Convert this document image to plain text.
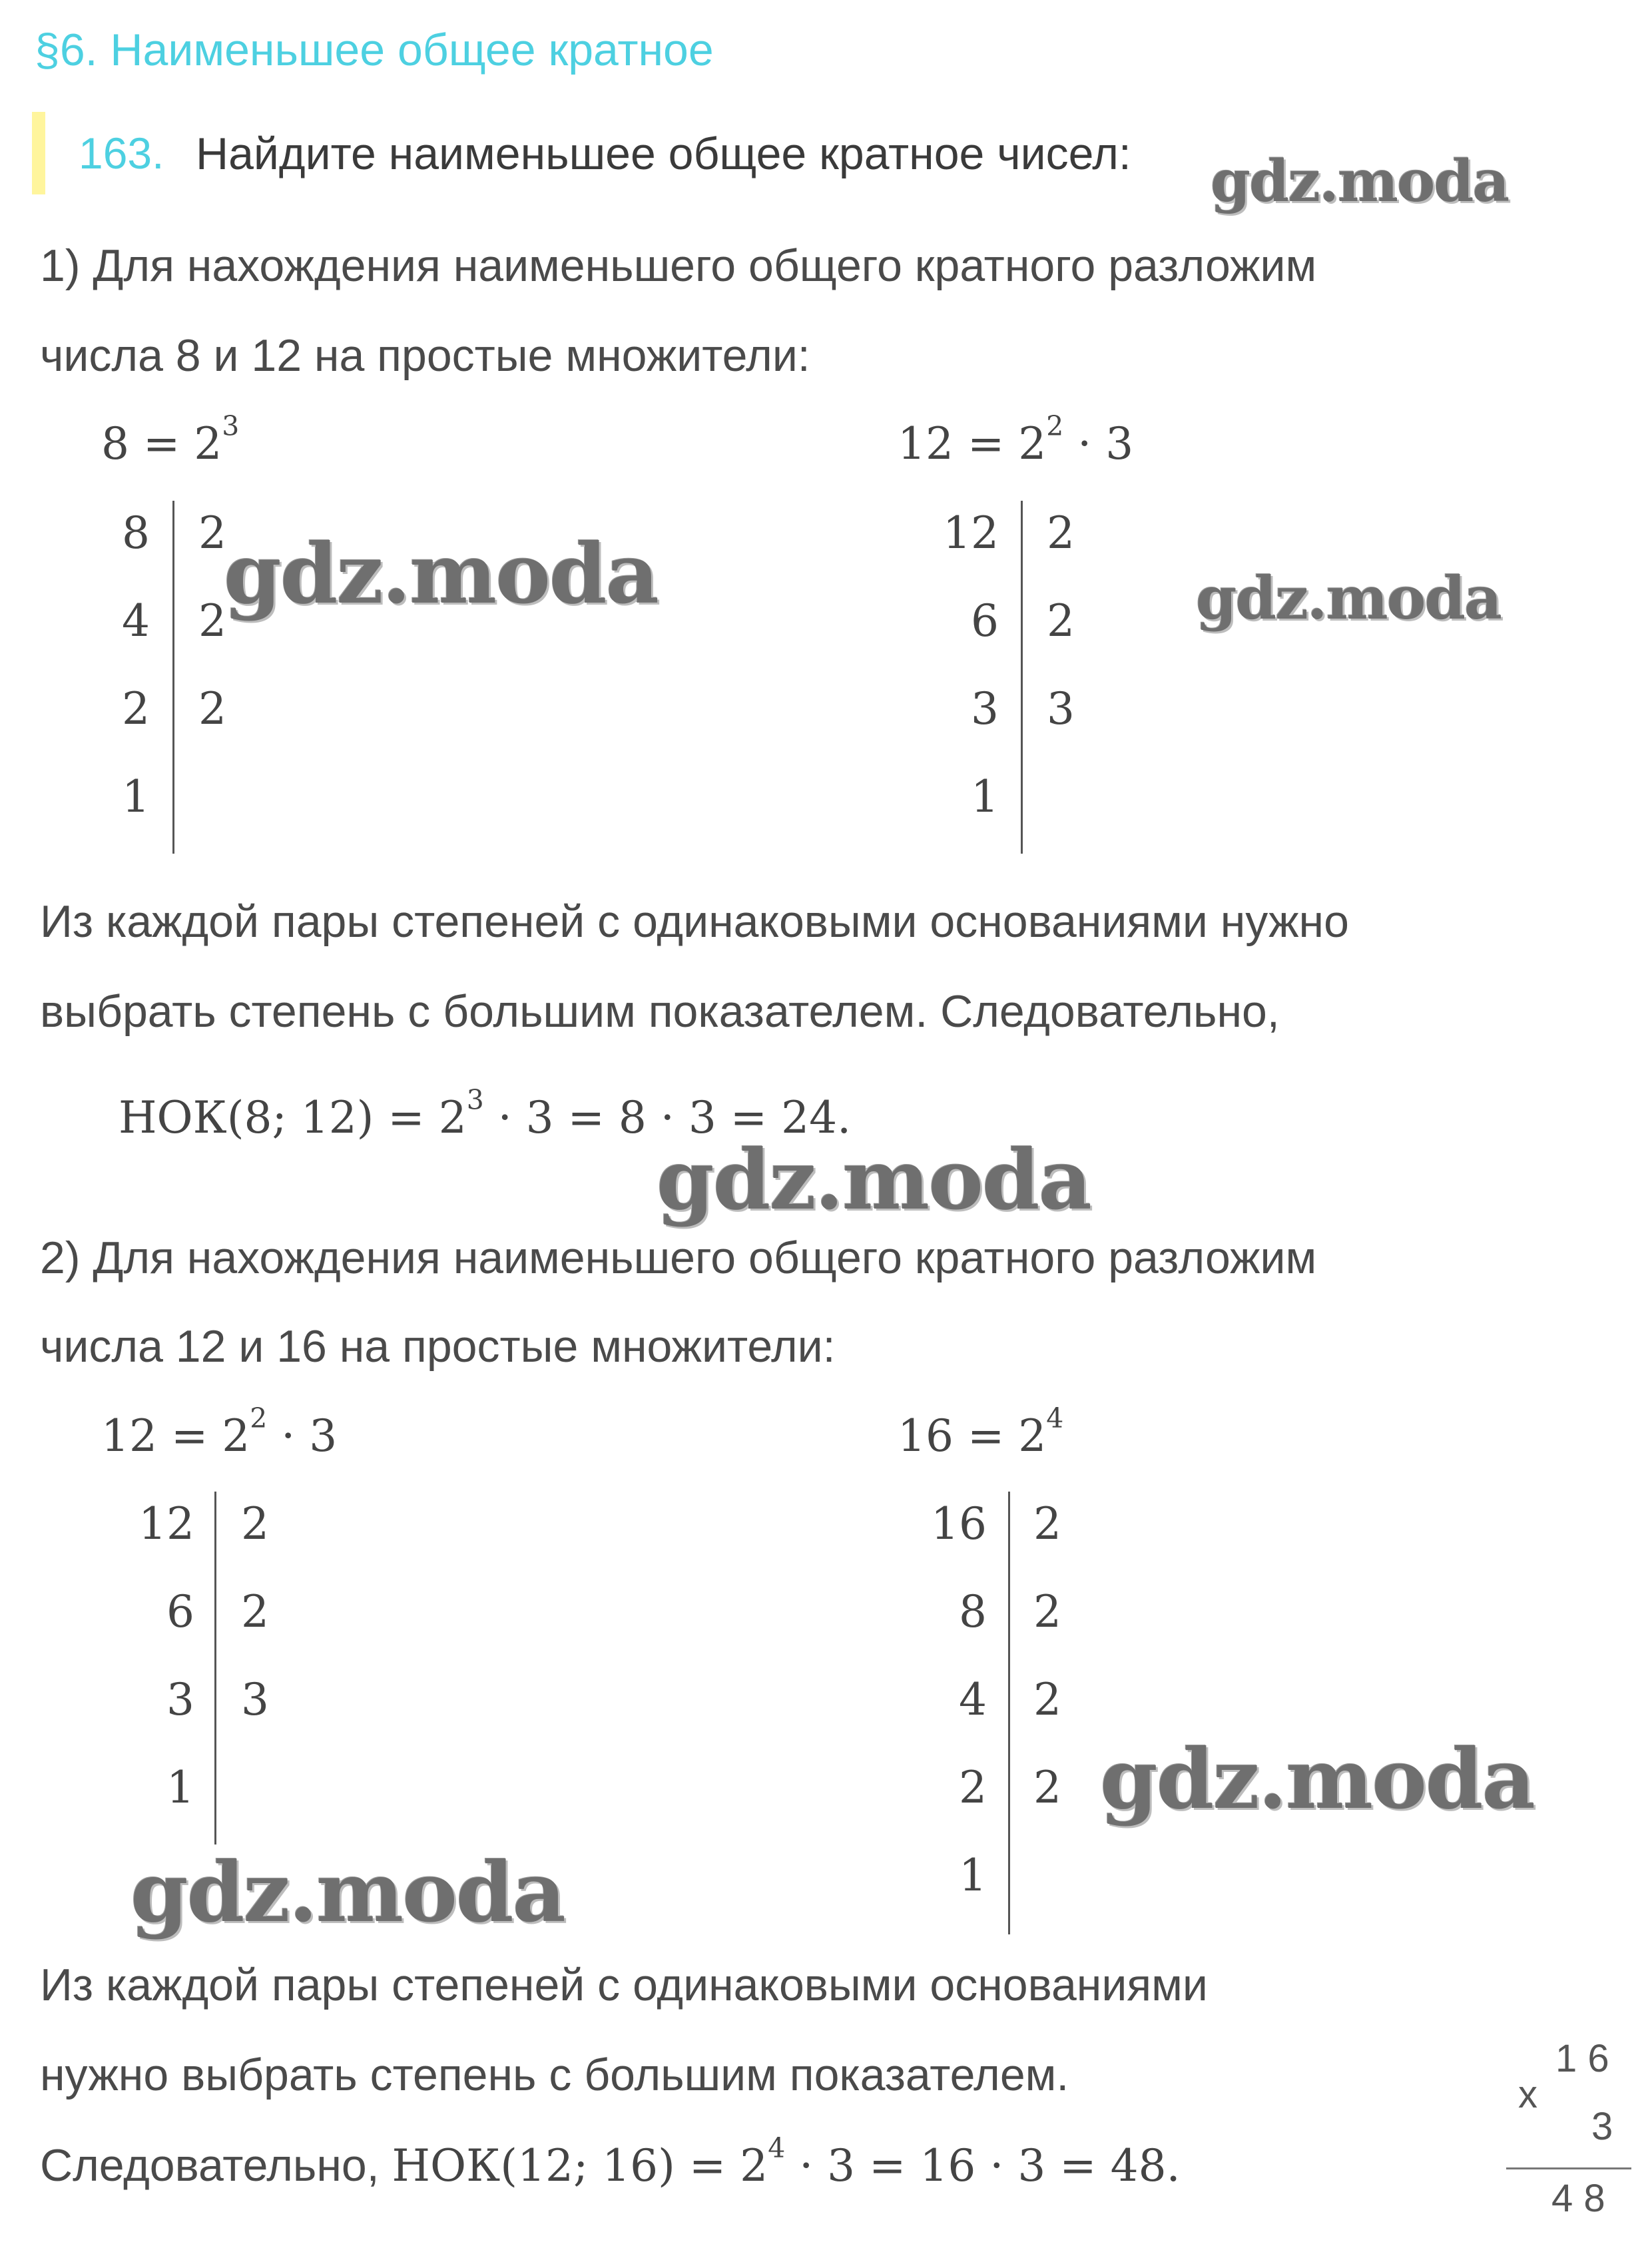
§6. Наименьшее общее кратное
163. Найдите наименьшее общее кратное чисел: gdz.moda
1) Для нахождения наименьшего общего кратного разложим
числа 8 и 12 на простые множители:
$8 = 2^3$	$12 = 2^2 \cdot 3$
8 2
4 2
2 2
1
12 2
6 2
3 3
1
gdz.moda	gdz.moda
Из каждой пары степеней с одинаковыми основаниями нужно
выбрать степень с большим показателем. Следовательно,
НОК(8; $12) = 2^3 \cdot 3 = 8 \cdot 3 = 24$.
gdz.moda
2) Для нахождения наименьшего общего кратного разложим
числа 12 и 16 на простые множители:
$12 = 2^2 \cdot 3$	$16 = 2^4$
12 2
6 2
3 3
1
16 2
8 2
4 2
2 2
1
gdz.moda
gdz.moda
Из каждой пары степеней с одинаковыми основаниями
нужно выбрать степень с большим показателем.
Следовательно, НОК(12; $16) = 2^4 \cdot 3 = 16 \cdot 3 = 48$.
x
1 6
3
4 8
